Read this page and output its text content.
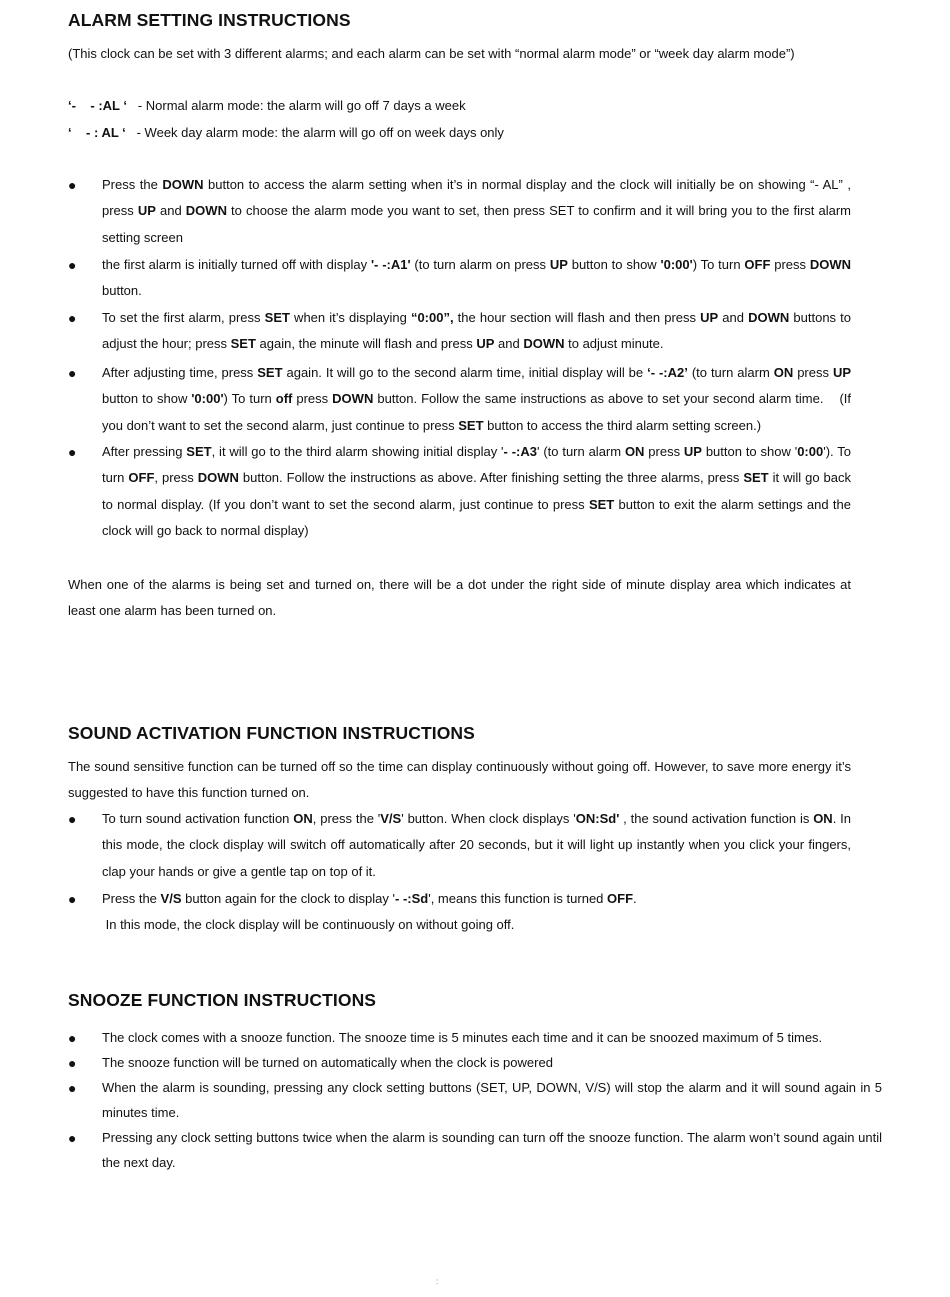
ALARM SETTING INSTRUCTIONS
(This clock can be set with 3 different alarms; and each alarm can be set with “normal alarm mode” or “week day alarm mode”)
‘-    - :AL ‘   - Normal alarm mode: the alarm will go off 7 days a week
‘    - : AL ‘   - Week day alarm mode: the alarm will go off on week days only
●	Press the DOWN button to access the alarm setting when it’s in normal display and the clock will initially be on showing “- AL” , press UP and DOWN to choose the alarm mode you want to set, then press SET to confirm and it will bring you to the first alarm setting screen
●	the first alarm is initially turned off with display '- -:A1' (to turn alarm on press UP button to show '0:00') To turn OFF press DOWN button.
●	To set the first alarm, press SET when it’s displaying “0:00”, the hour section will flash and then press UP and DOWN buttons to adjust the hour; press SET again, the minute will flash and press UP and DOWN to adjust minute.
●	After adjusting time, press SET again. It will go to the second alarm time, initial display will be ‘- -:A2’ (to turn alarm ON press UP button to show '0:00') To turn off press DOWN button. Follow the same instructions as above to set your second alarm time.    (If you don’t want to set the second alarm, just continue to press SET button to access the third alarm setting screen.)
●	After pressing SET, it will go to the third alarm showing initial display '- -:A3' (to turn alarm ON press UP button to show '0:00'). To turn OFF, press DOWN button. Follow the instructions as above. After finishing setting the three alarms, press SET it will go back to normal display. (If you don’t want to set the second alarm, just continue to press SET button to exit the alarm settings and the clock will go back to normal display)
When one of the alarms is being set and turned on, there will be a dot under the right side of minute display area which indicates at least one alarm has been turned on.
SOUND ACTIVATION FUNCTION INSTRUCTIONS
The sound sensitive function can be turned off so the time can display continuously without going off. However, to save more energy it’s suggested to have this function turned on.
●	To turn sound activation function ON, press the 'V/S' button. When clock displays 'ON:Sd' , the sound activation function is ON. In this mode, the clock display will switch off automatically after 20 seconds, but it will light up instantly when you click your fingers, clap your hands or give a gentle tap on top of it.
●	Press the V/S button again for the clock to display '- -:Sd', means this function is turned OFF.
In this mode, the clock display will be continuously on without going off.
SNOOZE FUNCTION INSTRUCTIONS
●	The clock comes with a snooze function. The snooze time is 5 minutes each time and it can be snoozed maximum of 5 times.
●	The snooze function will be turned on automatically when the clock is powered
●	When the alarm is sounding, pressing any clock setting buttons (SET, UP, DOWN, V/S) will stop the alarm and it will sound again in 5 minutes time.
●	Pressing any clock setting buttons twice when the alarm is sounding can turn off the snooze function. The alarm won’t sound again until the next day.
:
